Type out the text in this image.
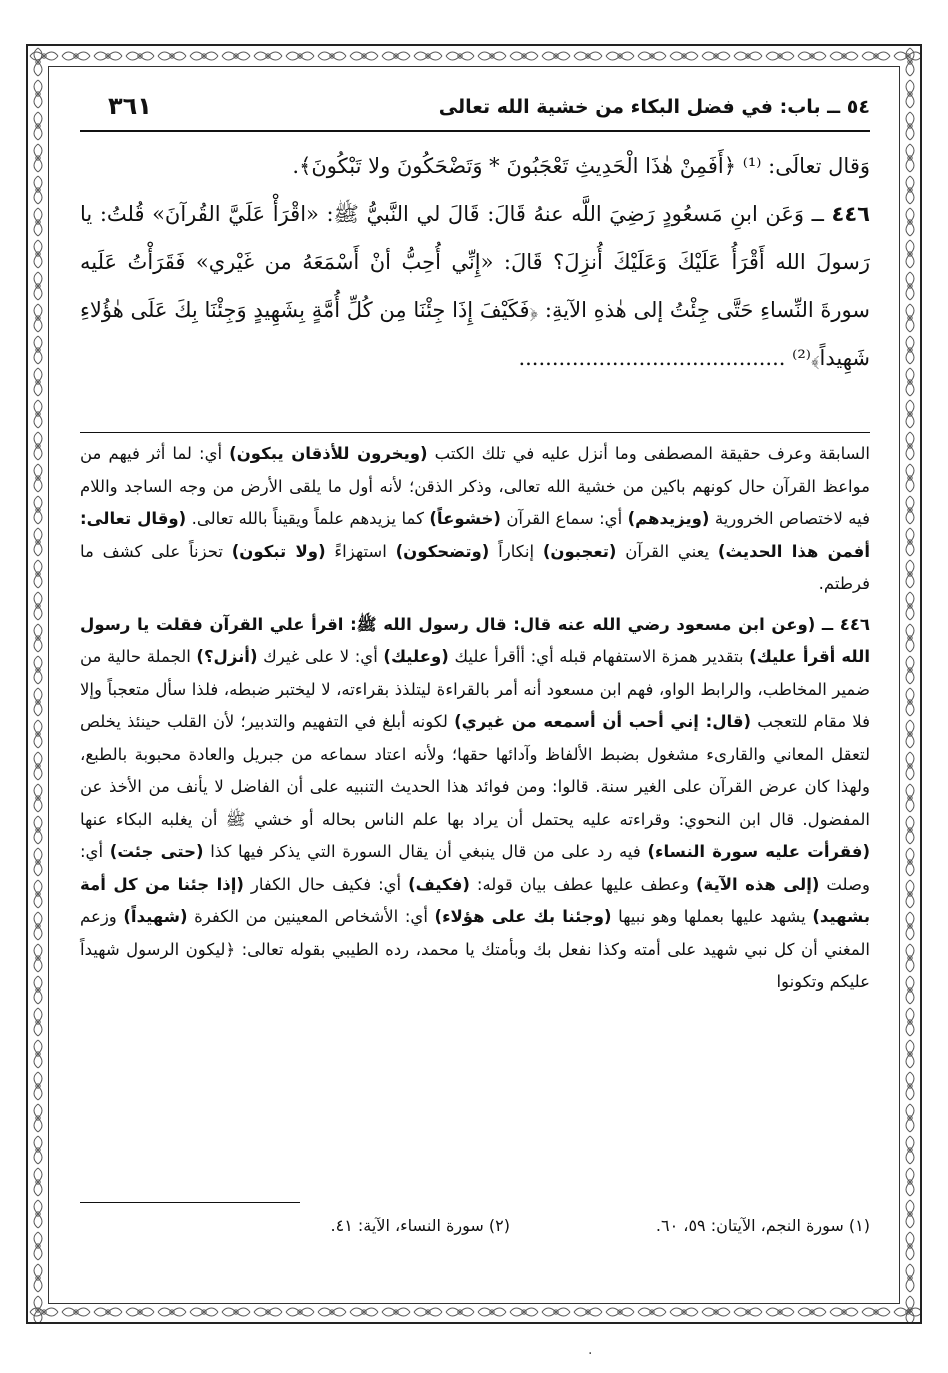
٥٤ ــ باب: في فضل البكاء من خشية الله تعالى
٣٦١

وَقال تعالَى: ⁽¹⁾ ﴿أَفَمِنْ هٰذَا الْحَدِيثِ تَعْجَبُونَ * وَتَضْحَكُونَ ولا تَبْكُونَ﴾.

٤٤٦ ــ وَعَن ابنِ مَسعُودٍ رَضِيَ اللَّه عنهُ قَالَ: قَالَ لي النَّبيُّ ﷺ: «اقْرَأْ عَلَيَّ القُرآنَ» قُلتُ: يا رَسولَ الله أَقْرَأُ عَلَيْكَ وَعَلَيْكَ أُنزِلَ؟ قَالَ: «إِنِّي أُحِبُّ أنْ أَسْمَعَهُ من غَيْري» فَقَرَأْتُ عَلَيه سورةَ النِّساءِ حَتَّى جِئْتُ إلى هٰذهِ الآيةِ: ﴿فَكَيْفَ إِذَا جِئْنَا مِن كُلِّ أُمَّةٍ بِشَهِيدٍ وَجِئْنَا بِكَ عَلَى هٰؤُلاءِ شَهِيداً﴾⁽²⁾ ........................................

السابقة وعرف حقيقة المصطفى وما أنزل عليه في تلك الكتب (ويخرون للأذقان يبكون) أي: لما أثر فيهم من مواعظ القرآن حال كونهم باكين من خشية الله تعالى، وذكر الذقن؛ لأنه أول ما يلقى الأرض من وجه الساجد واللام فيه لاختصاص الخرورية (ويزيدهم) أي: سماع القرآن (خشوعاً) كما يزيدهم علماً ويقيناً بالله تعالى. (وقال تعالى: أفمن هذا الحديث) يعني القرآن (تعجبون) إنكاراً (وتضحكون) استهزاءً (ولا تبكون) تحزناً على كشف ما فرطتم.

٤٤٦ ــ (وعن ابن مسعود رضي الله عنه قال: قال رسول الله ﷺ: اقرأ علي القرآن فقلت يا رسول الله أقرأ عليك) بتقدير همزة الاستفهام قبله أي: أأقرأ عليك (وعليك) أي: لا على غيرك (أنزل؟) الجملة حالية من ضمير المخاطب، والرابط الواو، فهم ابن مسعود أنه أمر بالقراءة ليتلذذ بقراءته، لا ليختبر ضبطه، فلذا سأل متعجباً وإلا فلا مقام للتعجب (قال: إني أحب أن أسمعه من غيري) لكونه أبلغ في التفهيم والتدبير؛ لأن القلب حينئذ يخلص لتعقل المعاني والقارىء مشغول بضبط الألفاظ وآدائها حقها؛ ولأنه اعتاد سماعه من جبريل والعادة محبوبة بالطبع، ولهذا كان عرض القرآن على الغير سنة. قالوا: ومن فوائد هذا الحديث التنبيه على أن الفاضل لا يأنف من الأخذ عن المفضول. قال ابن النحوي: وقراءته عليه يحتمل أن يراد بها علم الناس بحاله أو خشي ﷺ أن يغلبه البكاء عنها (فقرأت عليه سورة النساء) فيه رد على من قال ينبغي أن يقال السورة التي يذكر فيها كذا (حتى جئت) أي: وصلت (إلى هذه الآية) وعطف عليها عطف بيان قوله: (فكيف) أي: فكيف حال الكفار (إذا جئنا من كل أمة بشهيد) يشهد عليها بعملها وهو نبيها (وجئنا بك على هؤلاء) أي: الأشخاص المعينين من الكفرة (شهيداً) وزعم المغني أن كل نبي شهيد على أمته وكذا نفعل بك وبأمتك يا محمد، رده الطيبي بقوله تعالى: ﴿ليكون الرسول شهيداً عليكم وتكونوا

(١) سورة النجم، الآيتان: ٥٩، ٦٠.
(٢) سورة النساء، الآية: ٤١.
·
